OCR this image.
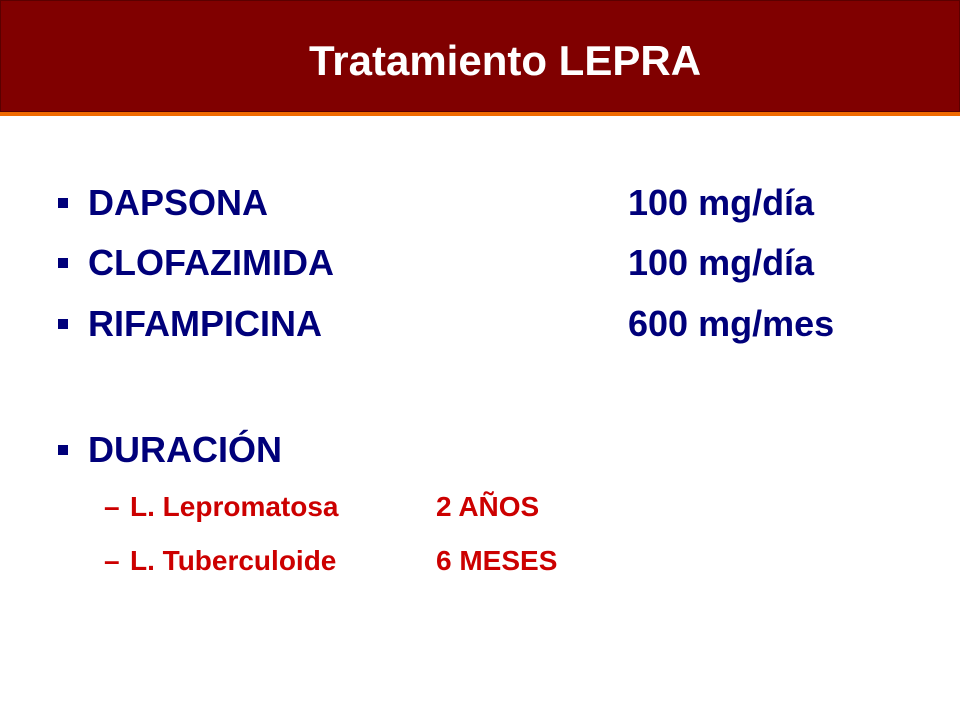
Tratamiento LEPRA
DAPSONA	100 mg/día
CLOFAZIMIDA	100 mg/día
RIFAMPICINA	600 mg/mes
DURACIÓN
– L. Lepromatosa	2 AÑOS
– L. Tuberculoide	6 MESES
